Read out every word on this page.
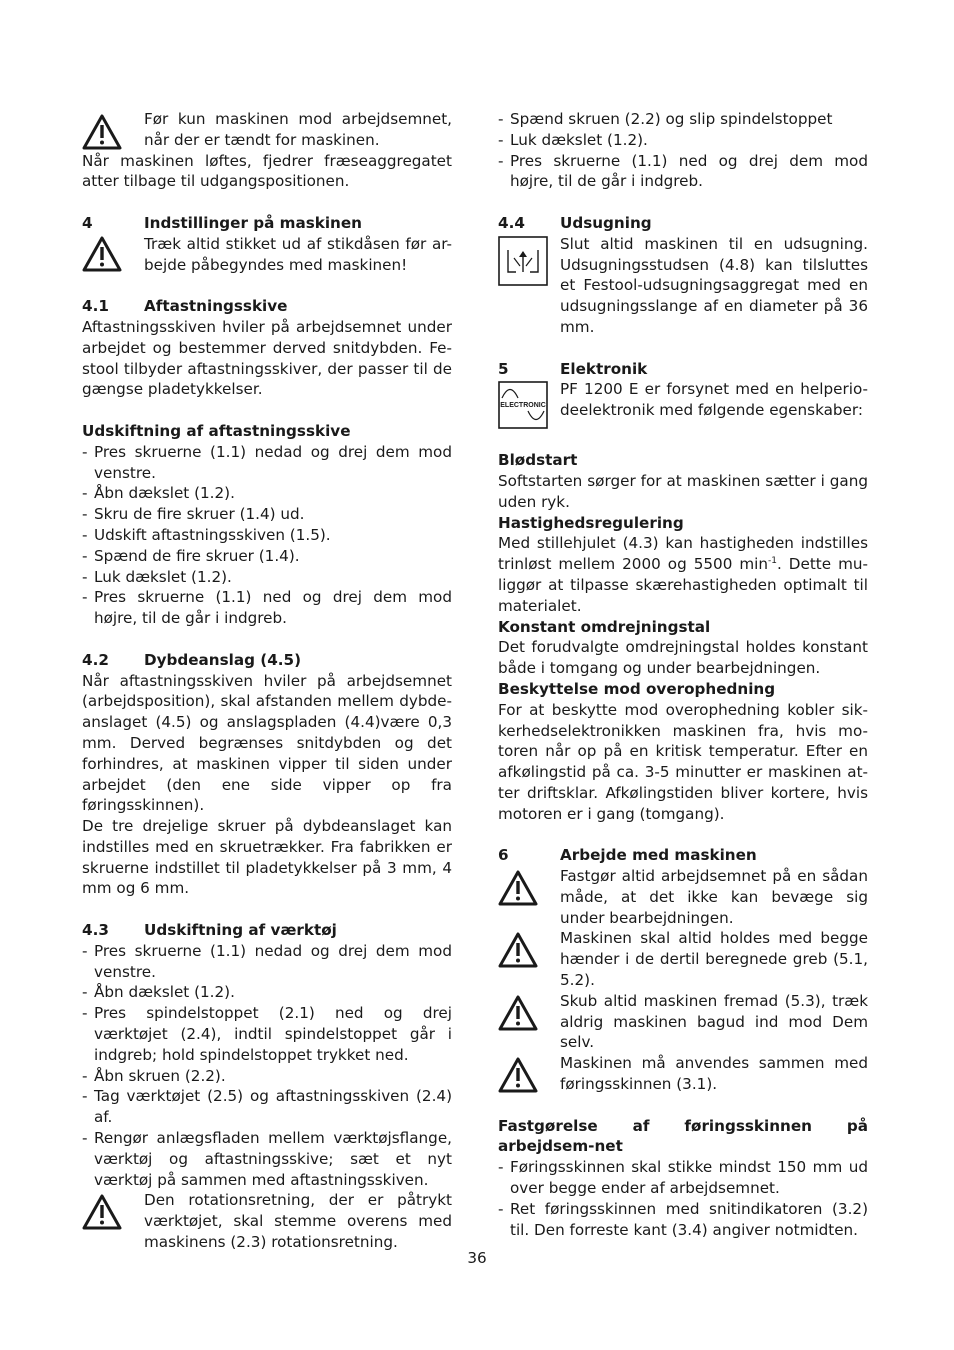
Før kun maskinen mod arbejdsemnet, når der er tændt for maskinen.

Når maskinen løftes, fjedrer fræseaggregatet atter tilbage til udgangspositionen.

4	Indstillinger på maskinen

Træk altid stikket ud af stikdåsen før ar-bejde påbegyndes med maskinen!

4.1	Aftastningsskive

Aftastningsskiven hviler på arbejdsemnet under arbejdet og bestemmer derved snitdybden. Fe-stool tilbyder aftastningsskiver, der passer til de gængse pladetykkelser.

Udskiftning af aftastningsskive

- Pres skruerne (1.1) nedad og drej dem mod venstre.
- Åbn dækslet (1.2).
- Skru de fire skruer (1.4) ud.
- Udskift aftastningsskiven (1.5).
- Spænd de fire skruer (1.4).
- Luk dækslet (1.2).
- Pres skruerne (1.1) ned og drej dem mod højre, til de går i indgreb.
4.2	Dybdeanslag (4.5)

Når aftastningsskiven hviler på arbejdsemnet (arbejdsposition), skal afstanden mellem dybde-anslaget (4.5) og anslagspladen (4.4)være 0,3 mm. Derved begrænses snitdybden og det forhindres, at maskinen vipper til siden under arbejdet (den ene side vipper op fra føringsskinnen).

De tre drejelige skruer på dybdeanslaget kan indstilles med en skruetrækker. Fra fabrikken er skruerne indstillet til pladetykkelser på 3 mm, 4 mm og 6 mm.

4.3	Udskiftning af værktøj
- Pres skruerne (1.1) nedad og drej dem mod venstre.
- Åbn dækslet (1.2).
- Pres spindelstoppet (2.1) ned og drej værktøjet (2.4), indtil spindelstoppet går i indgreb; hold spindelstoppet trykket ned.
- Åbn skruen (2.2).
- Tag værktøjet (2.5) og aftastningsskiven (2.4) af.
- Rengør anlægsfladen mellem værktøjsflange, værktøj og aftastningsskive; sæt et nyt værktøj på sammen med aftastningsskiven.

Den rotationsretning, der er påtrykt værktøjet, skal stemme overens med maskinens (2.3) rotationsretning.

- Spænd skruen (2.2) og slip spindelstoppet
- Luk dækslet (1.2).
- Pres skruerne (1.1) ned og drej dem mod højre, til de går i indgreb.
4.4	Udsugning

Slut altid maskinen til en udsugning. Udsugningsstudsen (4.8) kan tilsluttes et Festool-udsugningsaggregat med en udsugningsslange af en diameter på 36 mm.

5	Elektronik
ELECTRONIC

PF 1200 E er forsynet med en helperio-deelektronik med følgende egenskaber:

Blødstart

Softstarten sørger for at maskinen sætter i gang uden ryk.

Hastighedsregulering

Med stillehjulet (4.3) kan hastigheden indstilles trinløst mellem 2000 og 5500 $\min^{-1}$. Dette mu-liggør at tilpasse skærehastigheden optimalt til materialet.

Konstant omdrejningstal

Det forudvalgte omdrejningstal holdes konstant både i tomgang og under bearbejdningen.

Beskyttelse mod overophedning

For at beskytte mod overophedning kobler sik-kerhedselektronikken maskinen fra, hvis mo-toren når op på en kritisk temperatur. Efter en afkølingstid på ca. 3-5 minutter er maskinen at-ter driftsklar. Afkølingstiden bliver kortere, hvis motoren er i gang (tomgang).

6	Arbejde med maskinen

Fastgør altid arbejdsemnet på en sådan måde, at det ikke kan bevæge sig under bearbejdningen.

Maskinen skal altid holdes med begge hænder i de dertil beregnede greb (5.1, 5.2).

Skub altid maskinen fremad (5.3), træk aldrig maskinen bagud ind mod Dem selv.

Maskinen må anvendes sammen med føringsskinnen (3.1).

Fastgørelse af føringsskinnen på arbejdsem-net

- Føringsskinnen skal stikke mindst 150 mm ud over begge ender af arbejdsemnet.
- Ret føringsskinnen med snitindikatoren (3.2) til. Den forreste kant (3.4) angiver notmidten.
36
